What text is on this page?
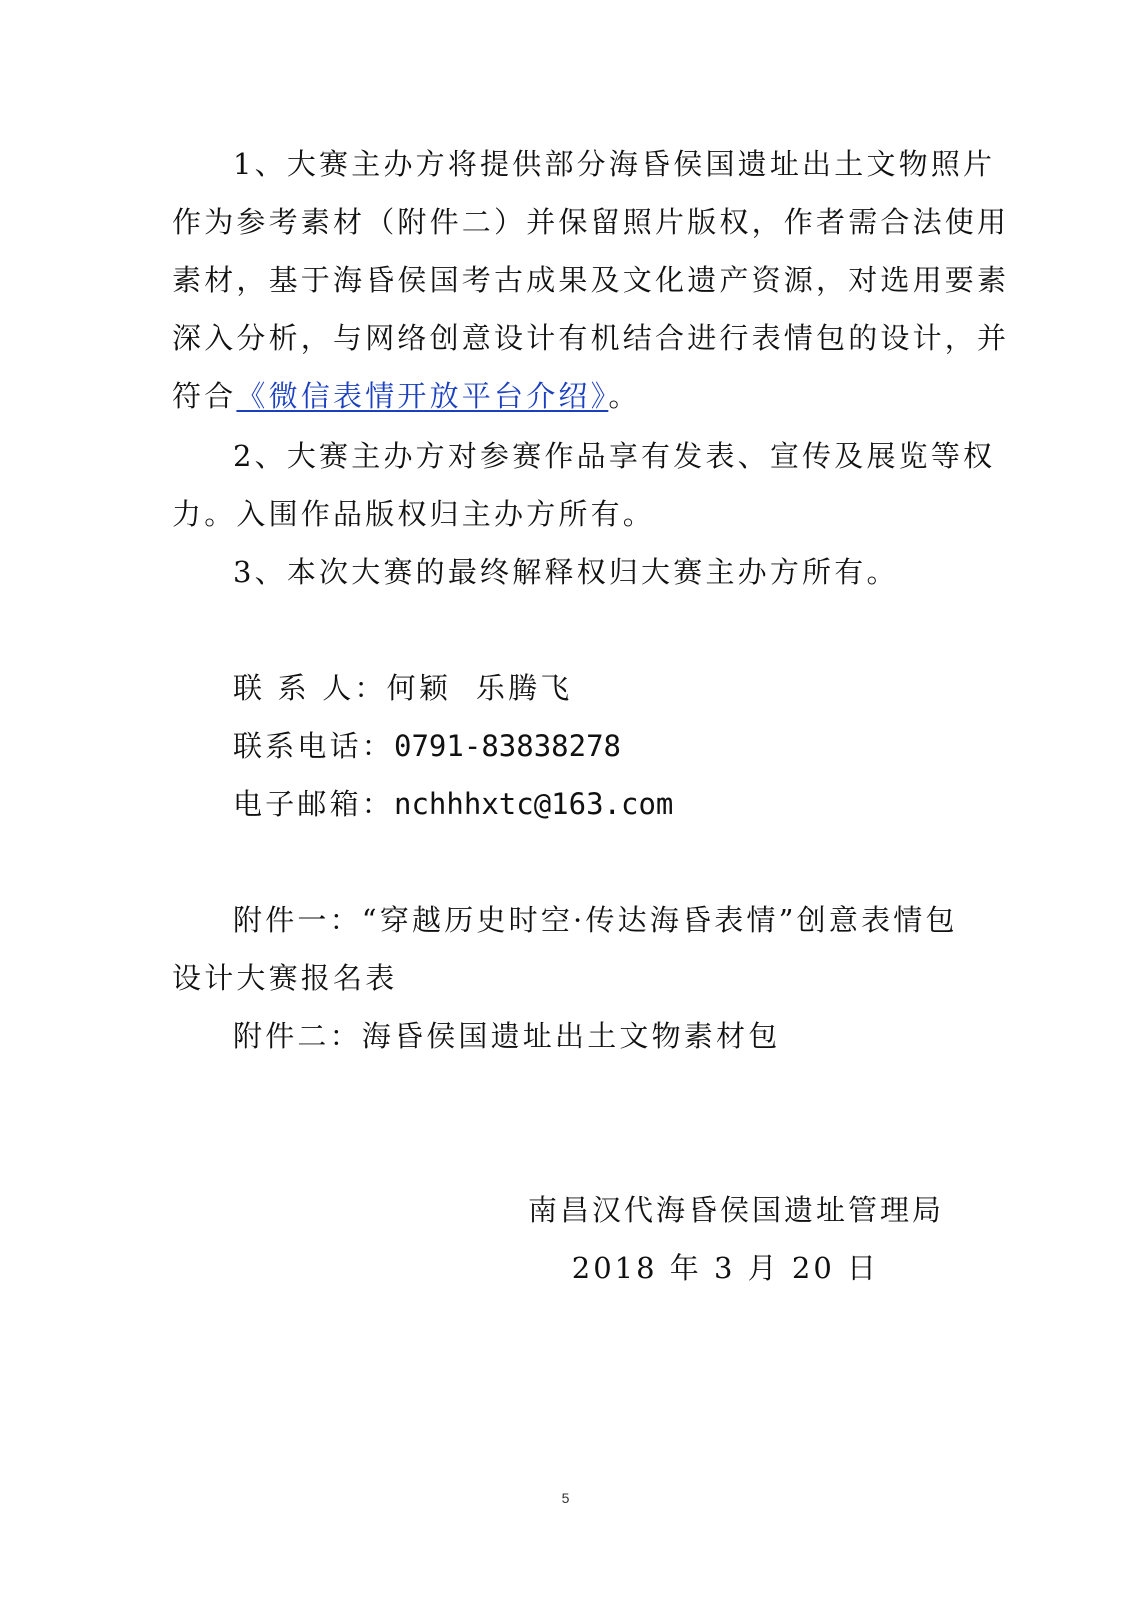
1、大赛主办方将提供部分海昏侯国遗址出土文物照片
作为参考素材（附件二）并保留照片版权，作者需合法使用
素材，基于海昏侯国考古成果及文化遗产资源，对选用要素
深入分析，与网络创意设计有机结合进行表情包的设计，并
符合《微信表情开放平台介绍》。
2、大赛主办方对参赛作品享有发表、宣传及展览等权
力。入围作品版权归主办方所有。
3、本次大赛的最终解释权归大赛主办方所有。
联 系 人：何颖  乐腾飞
联系电话：0791-83838278
电子邮箱：nchhhxtc@163.com
附件一：“穿越历史时空·传达海昏表情”创意表情包
设计大赛报名表
附件二：海昏侯国遗址出土文物素材包
南昌汉代海昏侯国遗址管理局
2018 年 3 月 20 日
5
